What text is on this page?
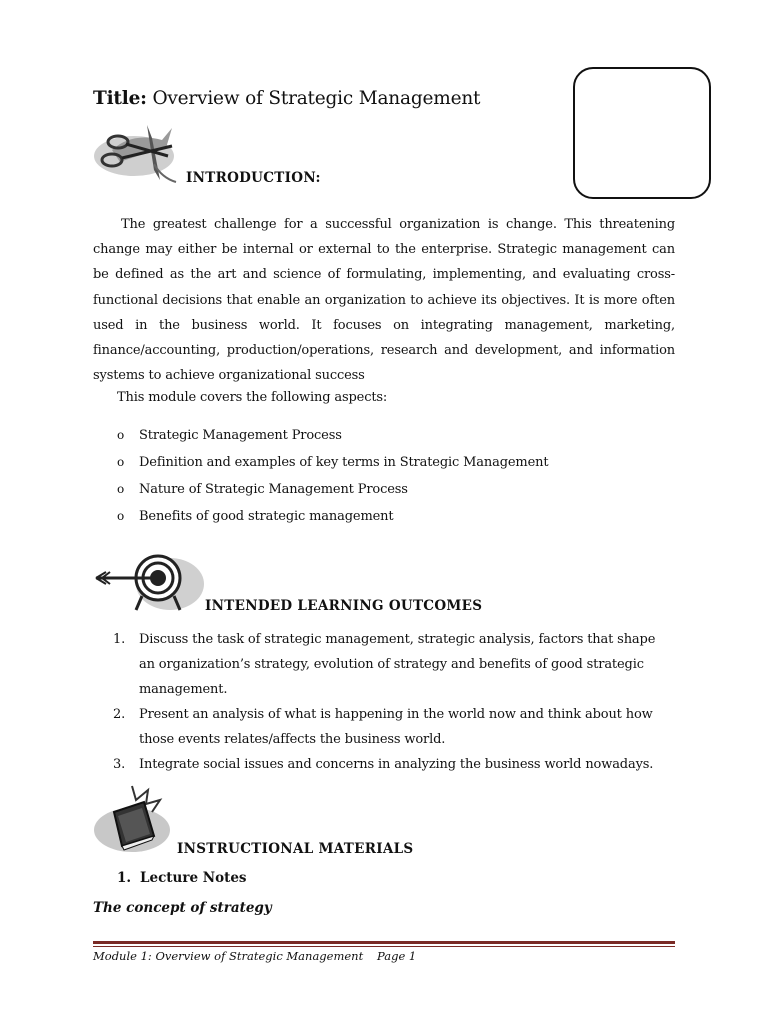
Title: Overview of Strategic Management
INTRODUCTION:
The greatest challenge for a successful organization is change. This threatening change may either be internal or external to the enterprise. Strategic management can be defined as the art and science of formulating, implementing, and evaluating cross-functional decisions that enable an organization to achieve its objectives. It is more often used in the business world. It focuses on integrating management, marketing, finance/accounting, production/operations, research and development, and information systems to achieve organizational success
This module covers the following aspects:
o Strategic Management Process
o Definition and examples of key terms in Strategic Management
o Nature of Strategic Management Process
o Benefits of good strategic management
INTENDED LEARNING OUTCOMES
1.	Discuss the task of strategic management, strategic analysis, factors that shape an organization’s strategy, evolution of strategy and benefits of good strategic management.
2.	Present an analysis of what is happening in the world now and think about how those events relates/affects the business world.
3.	Integrate social issues and concerns in analyzing the business world nowadays.
INSTRUCTIONAL MATERIALS
1. Lecture Notes
The concept of strategy
Module 1: Overview of Strategic Management Page 1
